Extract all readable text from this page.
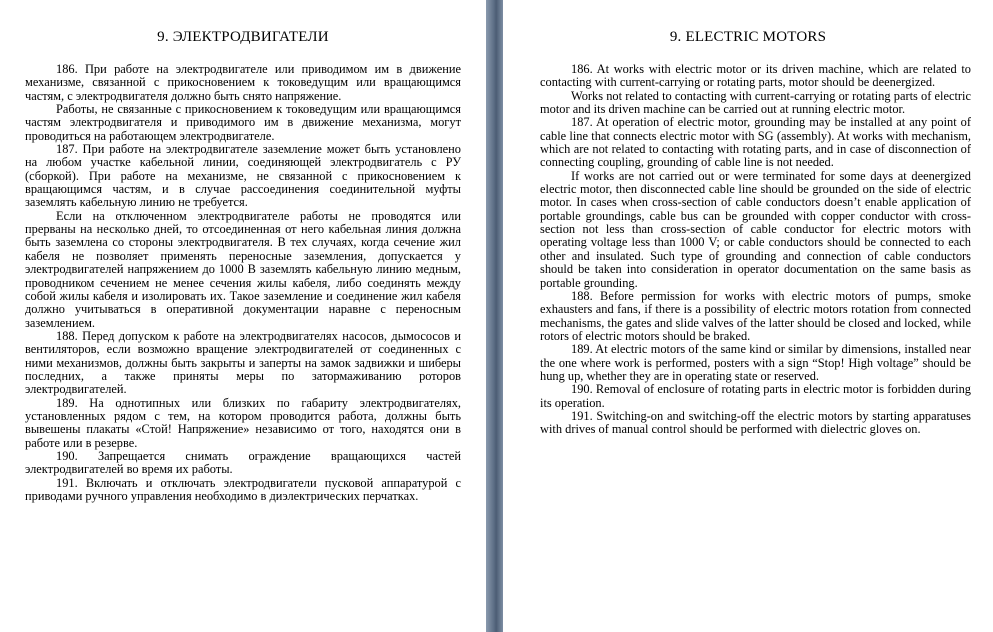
9. ЭЛЕКТРОДВИГАТЕЛИ

186. При работе на электродвигателе или приводимом им в движение механизме, связанной с прикосновением к токоведущим или вращающимся частям, с электродвигателя должно быть снято напряжение.

Работы, не связанные с прикосновением к токоведущим или вращающимся частям электродвигателя и приводимого им в движение механизма, могут проводиться на работающем электродвигателе.

187. При работе на электродвигателе заземление может быть установлено на любом участке кабельной линии, соединяющей электродвигатель с РУ (сборкой). При работе на механизме, не связанной с прикосновением к вращающимся частям, и в случае рассоединения соединительной муфты заземлять кабельную линию не требуется.

Если на отключенном электродвигателе работы не проводятся или прерваны на несколько дней, то отсоединенная от него кабельная линия должна быть заземлена со стороны электродвигателя. В тех случаях, когда сечение жил кабеля не позволяет применять переносные заземления, допускается у электродвигателей напряжением до 1000 В заземлять кабельную линию медным, проводником сечением не менее сечения жилы кабеля, либо соединять между собой жилы кабеля и изолировать их. Такое заземление и соединение жил кабеля должно учитываться в оперативной документации наравне с переносным заземлением.

188. Перед допуском к работе на электродвигателях насосов, дымососов и вентиляторов, если возможно вращение электродвигателей от соединенных с ними механизмов, должны быть закрыты и заперты на замок задвижки и шиберы последних, а также приняты меры по затормаживанию роторов электродвигателей.

189. На однотипных или близких по габариту электродвигателях, установленных рядом с тем, на котором проводится работа, должны быть вывешены плакаты «Стой! Напряжение» независимо от того, находятся они в работе или в резерве.

190. Запрещается снимать ограждение вращающихся частей электродвигателей во время их работы.

191. Включать и отключать электродвигатели пусковой аппаратурой с приводами ручного управления необходимо в диэлектрических перчатках.

9. ELECTRIC MOTORS

186. At works with electric motor or its driven machine, which are related to contacting with current-carrying or rotating parts, motor should be deenergized.

Works not related to contacting with current-carrying or rotating parts of electric motor and its driven machine can be carried out at running electric motor.

187. At operation of electric motor, grounding may be installed at any point of cable line that connects electric motor with SG (assembly). At works with mechanism, which are not related to contacting with rotating parts, and in case of disconnection of connecting coupling, grounding of cable line is not needed.

If works are not carried out or were terminated for some days at deenergized electric motor, then disconnected cable line should be grounded on the side of electric motor. In cases when cross-section of cable conductors doesn’t enable application of portable groundings, cable bus can be grounded with copper conductor with cross-section not less than cross-section of cable conductor for electric motors with operating voltage less than 1000 V; or cable conductors should be connected to each other and insulated. Such type of grounding and connection of cable conductors should be taken into consideration in operator documentation on the same basis as portable grounding.

188. Before permission for works with electric motors of pumps, smoke exhausters and fans, if there is a possibility of electric motors rotation from connected mechanisms, the gates and slide valves of the latter should be closed and locked, while rotors of electric motors should be braked.

189. At electric motors of the same kind or similar by dimensions, installed near the one where work is performed, posters with a sign “Stop! High voltage” should be hung up, whether they are in operating state or reserved.

190. Removal of enclosure of rotating parts in electric motor is forbidden during its operation.

191. Switching-on and switching-off the electric motors by starting apparatuses with drives of manual control should be performed with dielectric gloves on.
